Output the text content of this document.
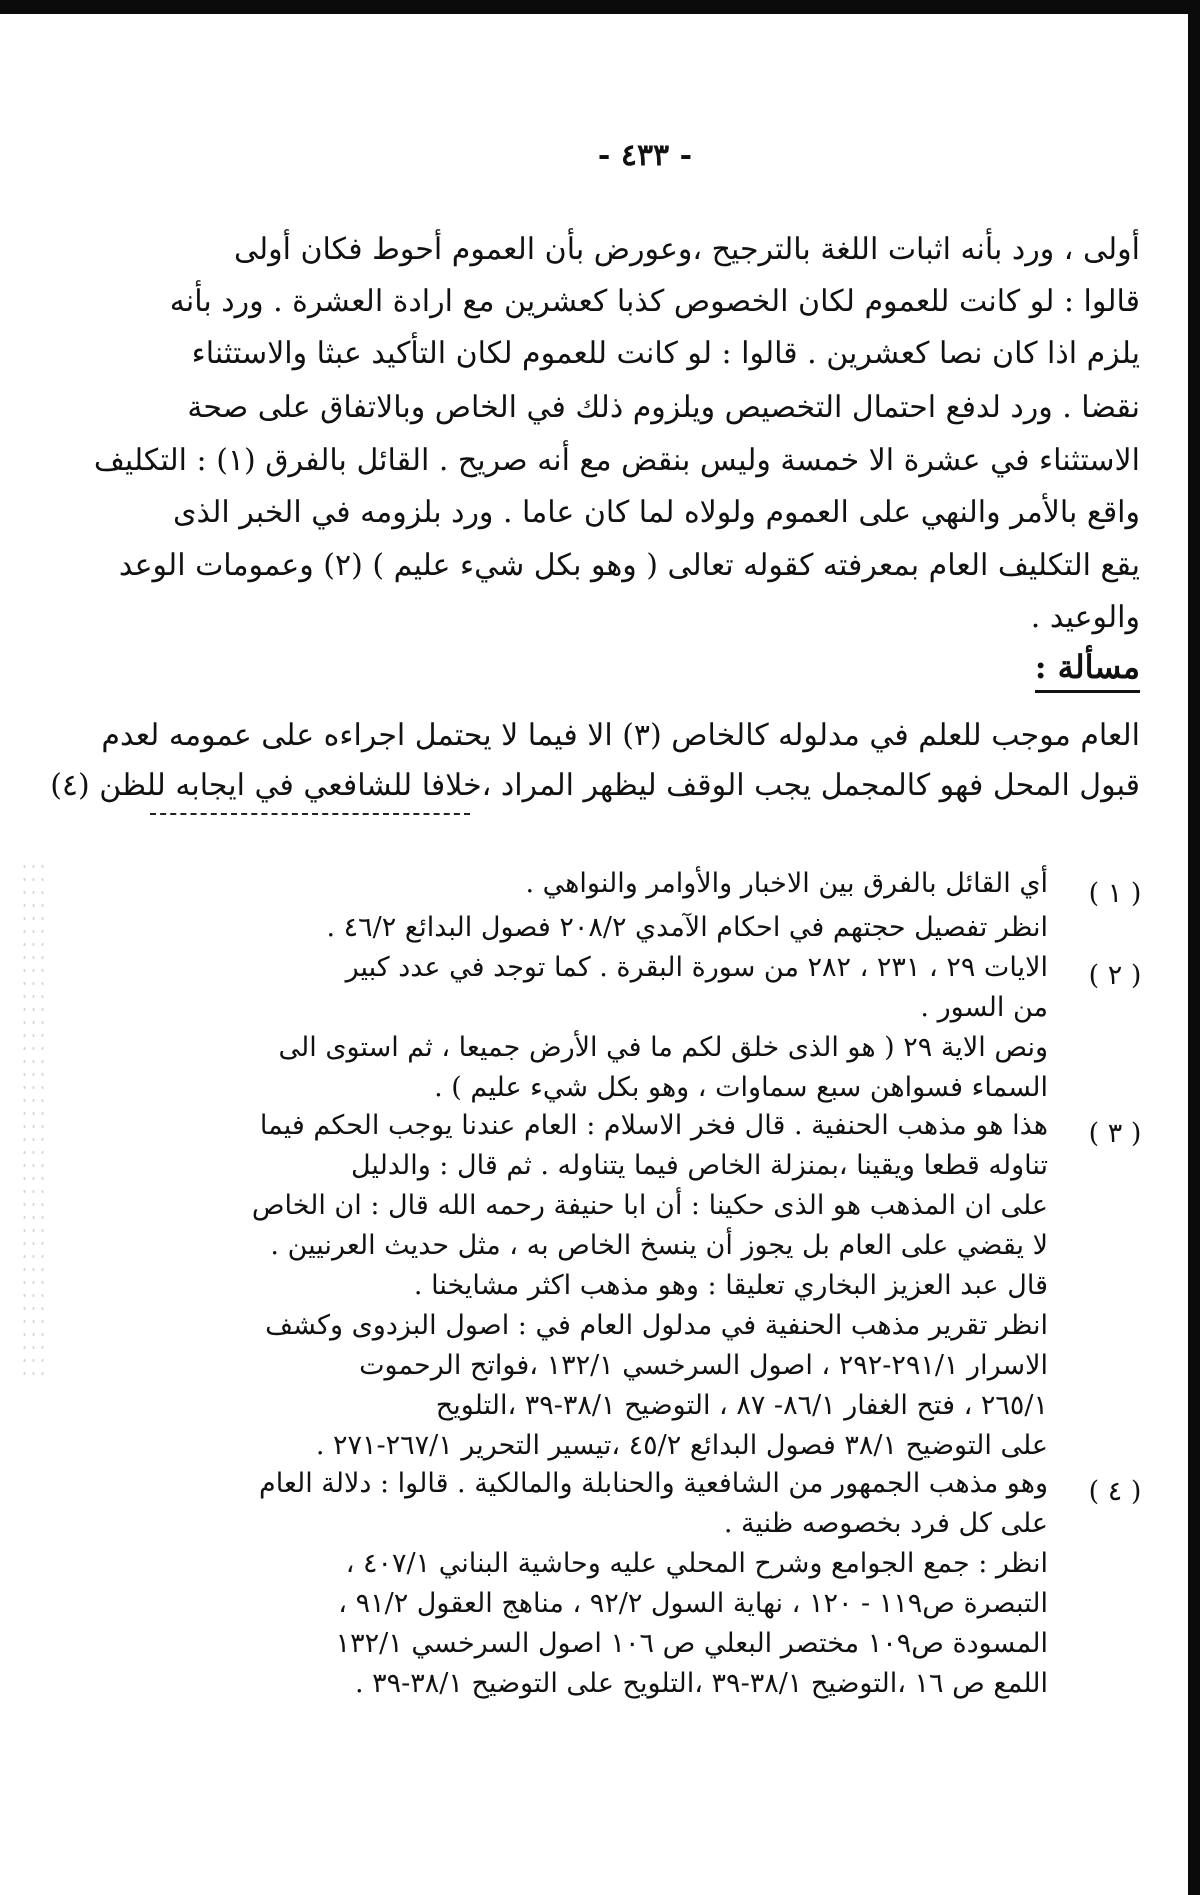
- ٤٣٣ -
أولى ، ورد بأنه اثبات اللغة بالترجيح ،وعورض بأن العموم أحوط فكان أولى
قالوا : لو كانت للعموم لكان الخصوص كذبا كعشرين مع ارادة العشرة . ورد بأنه
يلزم اذا كان نصا كعشرين . قالوا : لو كانت للعموم لكان التأكيد عبثا والاستثناء
نقضا . ورد لدفع احتمال التخصيص ويلزوم ذلك في الخاص وبالاتفاق على صحة
الاستثناء في عشرة الا خمسة وليس بنقض مع أنه صريح . القائل بالفرق (١) : التكليف
واقع بالأمر والنهي على العموم ولولاه لما كان عاما . ورد بلزومه في الخبر الذى
يقع التكليف العام بمعرفته كقوله تعالى ( وهو بكل شيء عليم ) (٢) وعمومات الوعد
والوعيد .
مسألة :
العام موجب للعلم في مدلوله كالخاص (٣) الا فيما لا يحتمل اجراءه على عمومه لعدم
قبول المحل فهو كالمجمل يجب الوقف ليظهر المراد ،خلافا للشافعي في ايجابه للظن (٤)
( ١ )
أي القائل بالفرق بين الاخبار والأوامر والنواهي .
انظر تفصيل حجتهم في احكام الآمدي ٢٠٨/٢ فصول البدائع ٤٦/٢ .
( ٢ )
الايات ٢٩ ، ٢٣١ ، ٢٨٢ من سورة البقرة . كما توجد في عدد كبير
من السور .
ونص الاية ٢٩ ( هو الذى خلق لكم ما في الأرض جميعا ، ثم استوى الى
السماء فسواهن سبع سماوات ، وهو بكل شيء عليم ) .
( ٣ )
هذا هو مذهب الحنفية . قال فخر الاسلام : العام عندنا يوجب الحكم فيما
تناوله قطعا ويقينا ،بمنزلة الخاص فيما يتناوله . ثم قال : والدليل
على ان المذهب هو الذى حكينا : أن ابا حنيفة رحمه الله قال : ان الخاص
لا يقضي على العام بل يجوز أن ينسخ الخاص به ، مثل حديث العرنيين .
قال عبد العزيز البخاري تعليقا : وهو مذهب اكثر مشايخنا .
انظر تقرير مذهب الحنفية في مدلول العام في : اصول البزدوى وكشف
الاسرار ٢٩١/١-٢٩٢ ، اصول السرخسي ١٣٢/١ ،فواتح الرحموت
٢٦٥/١ ، فتح الغفار ٨٦/١- ٨٧ ، التوضيح ٣٨/١-٣٩ ،التلويح
على التوضيح ٣٨/١ فصول البدائع ٤٥/٢ ،تيسير التحرير ٢٦٧/١-٢٧١ .
( ٤ )
وهو مذهب الجمهور من الشافعية والحنابلة والمالكية . قالوا : دلالة العام
على كل فرد بخصوصه ظنية .
انظر : جمع الجوامع وشرح المحلي عليه وحاشية البناني ٤٠٧/١ ،
التبصرة ص١١٩ - ١٢٠ ، نهاية السول ٩٢/٢ ، مناهج العقول ٩١/٢ ،
المسودة ص١٠٩ مختصر البعلي ص ١٠٦ اصول السرخسي ١٣٢/١
اللمع ص ١٦ ،التوضيح ٣٨/١-٣٩ ،التلويح على التوضيح ٣٨/١-٣٩ .
